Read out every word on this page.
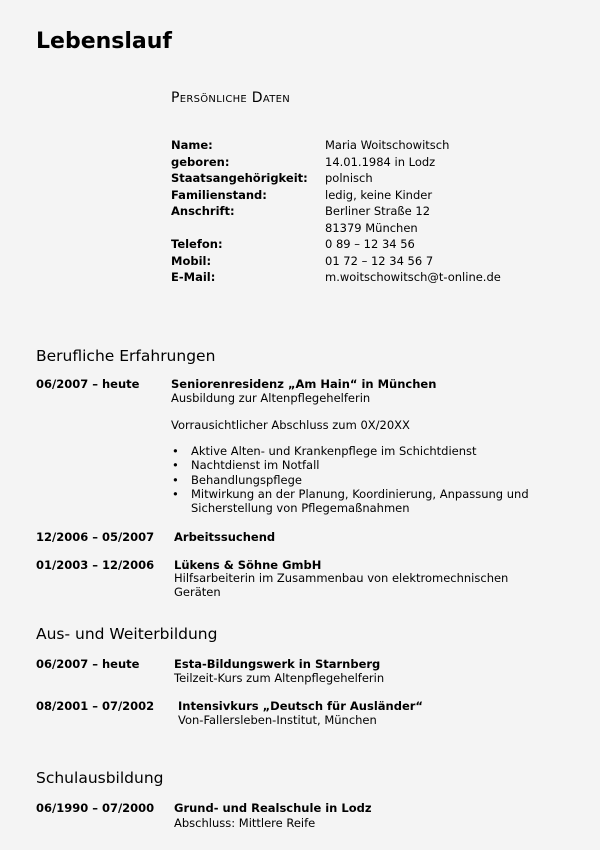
Lebenslauf
Persönliche Daten
Name:	Maria Woitschowitsch
geboren:	14.01.1984 in Lodz
Staatsangehörigkeit:	polnisch
Familienstand:	ledig, keine Kinder
Anschrift:	Berliner Straße 12
81379 München
Telefon:	0 89 – 12 34 56
Mobil:	01 72 – 12 34 56 7
E-Mail:	m.woitschowitsch@t-online.de
Berufliche Erfahrungen
06/2007 – heute	Seniorenresidenz „Am Hain“ in München
Ausbildung zur Altenpflegehelferin
Vorrausichtlicher Abschluss zum 0X/20XX
• Aktive Alten- und Krankenpflege im Schichtdienst
• Nachtdienst im Notfall
• Behandlungspflege
• Mitwirkung an der Planung, Koordinierung, Anpassung und Sicherstellung von Pflegemaßnahmen
12/2006 – 05/2007 Arbeitssuchend
01/2003 – 12/2006 Lükens & Söhne GmbH
Hilfsarbeiterin im Zusammenbau von elektromechnischen Geräten
Aus- und Weiterbildung
06/2007 – heute	Esta-Bildungswerk in Starnberg
Teilzeit-Kurs zum Altenpflegehelferin
08/2001 – 07/2002 Intensivkurs „Deutsch für Ausländer“
Von-Fallersleben-Institut, München
Schulausbildung
06/1990 – 07/2000 Grund- und Realschule in Lodz
Abschluss: Mittlere Reife
